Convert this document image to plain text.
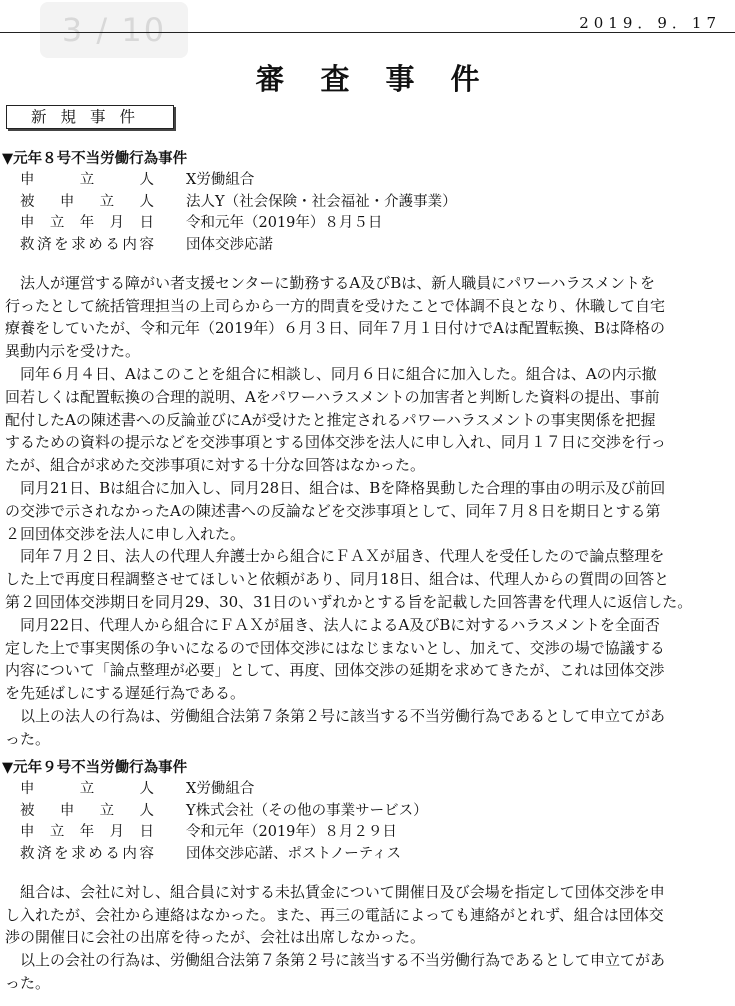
3 / 10	2019．9．17
審査事件
新規事件
▼元年８号不当労働行為事件
申立人	X労働組合
被申立人	法人Y（社会保険・社会福祉・介護事業）
申立年月日	令和元年（2019年）８月５日
救済を求める内容	団体交渉応諾

法人が運営する障がい者支援センターに勤務するA及びBは、新人職員にパワーハラスメントを
行ったとして統括管理担当の上司らから一方的問責を受けたことで体調不良となり、休職して自宅
療養をしていたが、令和元年（2019年）６月３日、同年７月１日付けでAは配置転換、Bは降格の
異動内示を受けた。

同年６月４日、Aはこのことを組合に相談し、同月６日に組合に加入した。組合は、Aの内示撤
回若しくは配置転換の合理的説明、Aをパワーハラスメントの加害者と判断した資料の提出、事前
配付したAの陳述書への反論並びにAが受けたと推定されるパワーハラスメントの事実関係を把握
するための資料の提示などを交渉事項とする団体交渉を法人に申し入れ、同月１７日に交渉を行っ
たが、組合が求めた交渉事項に対する十分な回答はなかった。

同月21日、Bは組合に加入し、同月28日、組合は、Bを降格異動した合理的事由の明示及び前回
の交渉で示されなかったAの陳述書への反論などを交渉事項として、同年７月８日を期日とする第
２回団体交渉を法人に申し入れた。

同年７月２日、法人の代理人弁護士から組合にＦＡＸが届き、代理人を受任したので論点整理を
した上で再度日程調整させてほしいと依頼があり、同月18日、組合は、代理人からの質問の回答と
第２回団体交渉期日を同月29、30、31日のいずれかとする旨を記載した回答書を代理人に返信した。

同月22日、代理人から組合にＦＡＸが届き、法人によるA及びBに対するハラスメントを全面否
定した上で事実関係の争いになるので団体交渉にはなじまないとし、加えて、交渉の場で協議する
内容について「論点整理が必要」として、再度、団体交渉の延期を求めてきたが、これは団体交渉
を先延ばしにする遅延行為である。

以上の法人の行為は、労働組合法第７条第２号に該当する不当労働行為であるとして申立てがあ
った。

▼元年９号不当労働行為事件
申立人	X労働組合
被申立人	Y株式会社（その他の事業サービス）
申立年月日	令和元年（2019年）８月２９日
救済を求める内容	団体交渉応諾、ポストノーティス

組合は、会社に対し、組合員に対する未払賃金について開催日及び会場を指定して団体交渉を申
し入れたが、会社から連絡はなかった。また、再三の電話によっても連絡がとれず、組合は団体交
渉の開催日に会社の出席を待ったが、会社は出席しなかった。

以上の会社の行為は、労働組合法第７条第２号に該当する不当労働行為であるとして申立てがあ
った。
